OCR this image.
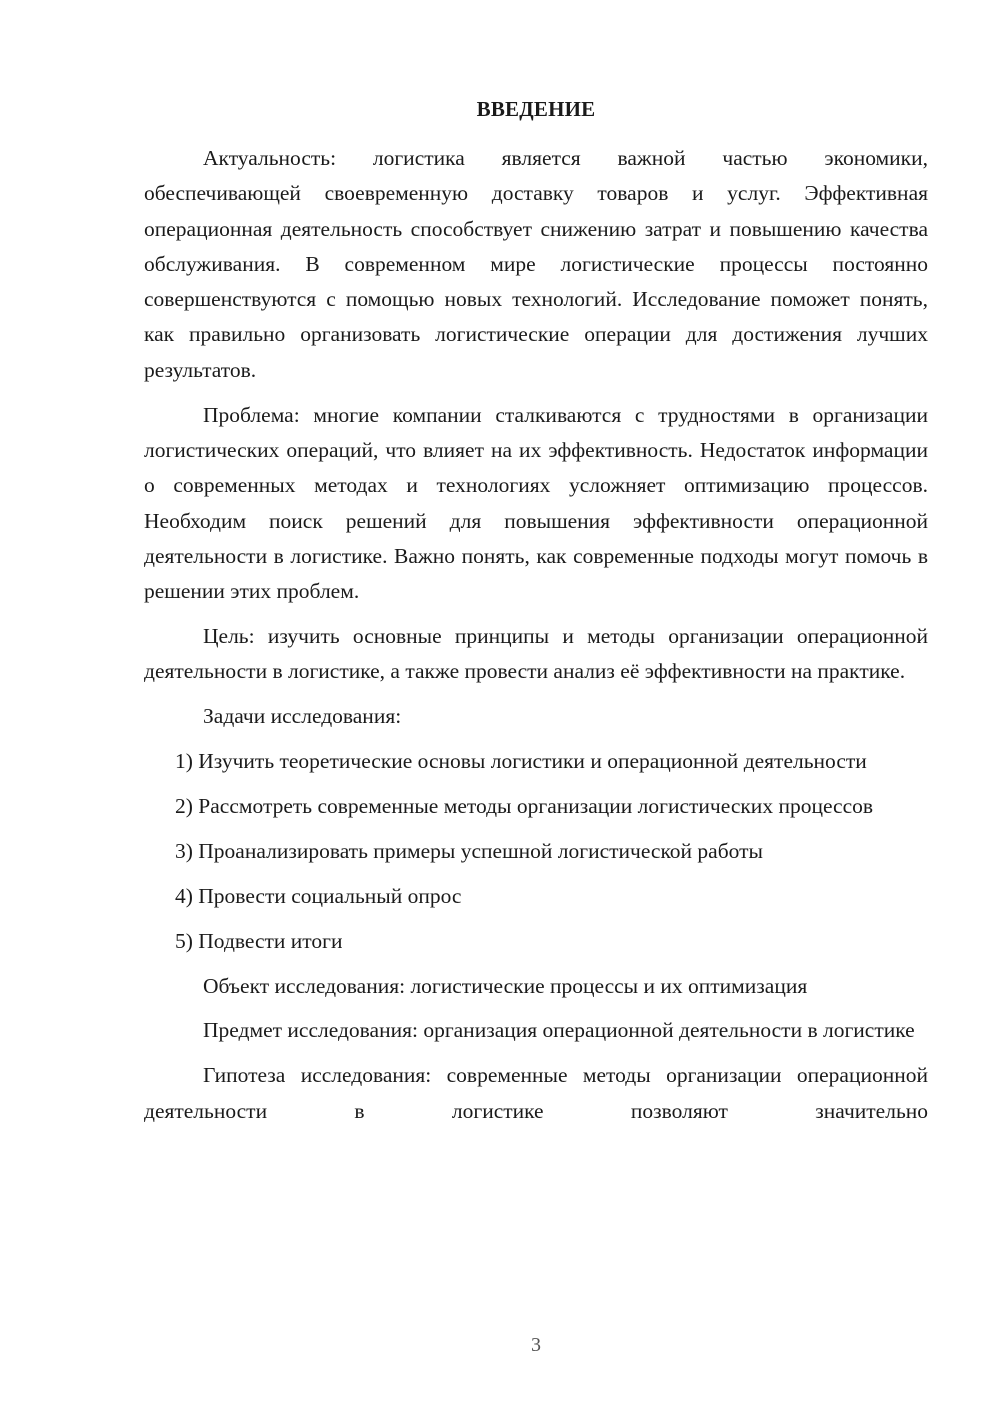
ВВЕДЕНИЕ

Актуальность: логистика является важной частью экономики, обеспечивающей своевременную доставку товаров и услуг. Эффективная операционная деятельность способствует снижению затрат и повышению качества обслуживания. В современном мире логистические процессы постоянно совершенствуются с помощью новых технологий. Исследование поможет понять, как правильно организовать логистические операции для достижения лучших результатов.

Проблема: многие компании сталкиваются с трудностями в организации логистических операций, что влияет на их эффективность. Недостаток информации о современных методах и технологиях усложняет оптимизацию процессов. Необходим поиск решений для повышения эффективности операционной деятельности в логистике. Важно понять, как современные подходы могут помочь в решении этих проблем.

Цель: изучить основные принципы и методы организации операционной деятельности в логистике, а также провести анализ её эффективности на практике.

Задачи исследования:

1) Изучить теоретические основы логистики и операционной деятельности

2) Рассмотреть современные методы организации логистических процессов

3) Проанализировать примеры успешной логистической работы

4) Провести социальный опрос

5) Подвести итоги

Объект исследования: логистические процессы и их оптимизация

Предмет исследования: организация операционной деятельности в логистике

Гипотеза исследования: современные методы организации операционной деятельности в логистике позволяют значительно

3
